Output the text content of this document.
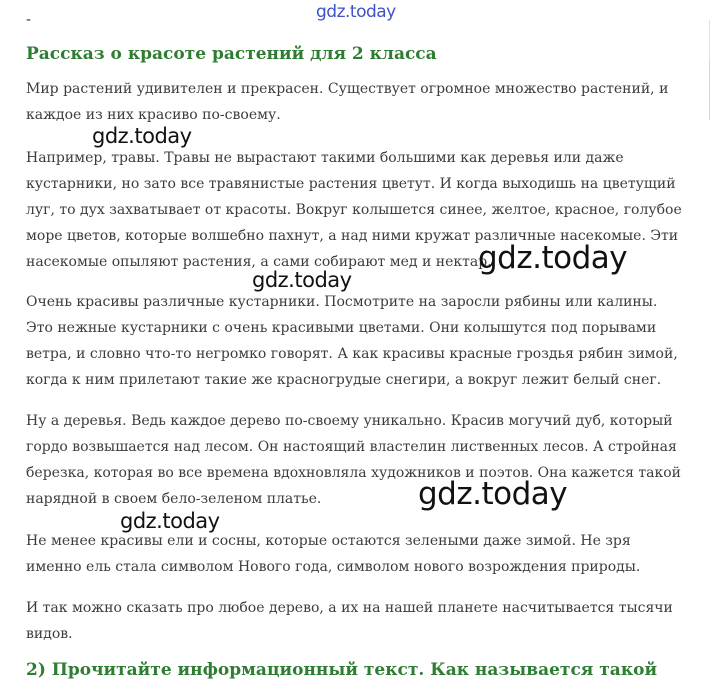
gdz.today
-
Рассказ о красоте растений для 2 класса

Мир растений удивителен и прекрасен. Существует огромное множество растений, и каждое из них красиво по-своему.

Например, травы. Травы не вырастают такими большими как деревья или даже кустарники, но зато все травянистые растения цветут. И когда выходишь на цветущий луг, то дух захватывает от красоты. Вокруг колышется синее, желтое, красное, голубое море цветов, которые волшебно пахнут, а над ними кружат различные насекомые. Эти насекомые опыляют растения, а сами собирают мед и нектар.

Очень красивы различные кустарники. Посмотрите на заросли рябины или калины. Это нежные кустарники с очень красивыми цветами. Они колышутся под порывами ветра, и словно что-то негромко говорят. А как красивы красные гроздья рябин зимой, когда к ним прилетают такие же красногрудые снегири, а вокруг лежит белый снег.

Ну а деревья. Ведь каждое дерево по-своему уникально. Красив могучий дуб, который гордо возвышается над лесом. Он настоящий властелин лиственных лесов. А стройная березка, которая во все времена вдохновляла художников и поэтов. Она кажется такой нарядной в своем бело-зеленом платье.

Не менее красивы ели и сосны, которые остаются зелеными даже зимой. Не зря именно ель стала символом Нового года, символом нового возрождения природы.

И так можно сказать про любое дерево, а их на нашей планете насчитывается тысячи видов.

2) Прочитайте информационный текст. Как называется такой
gdz.today
gdz.today
gdz.today
gdz.today
gdz.today
